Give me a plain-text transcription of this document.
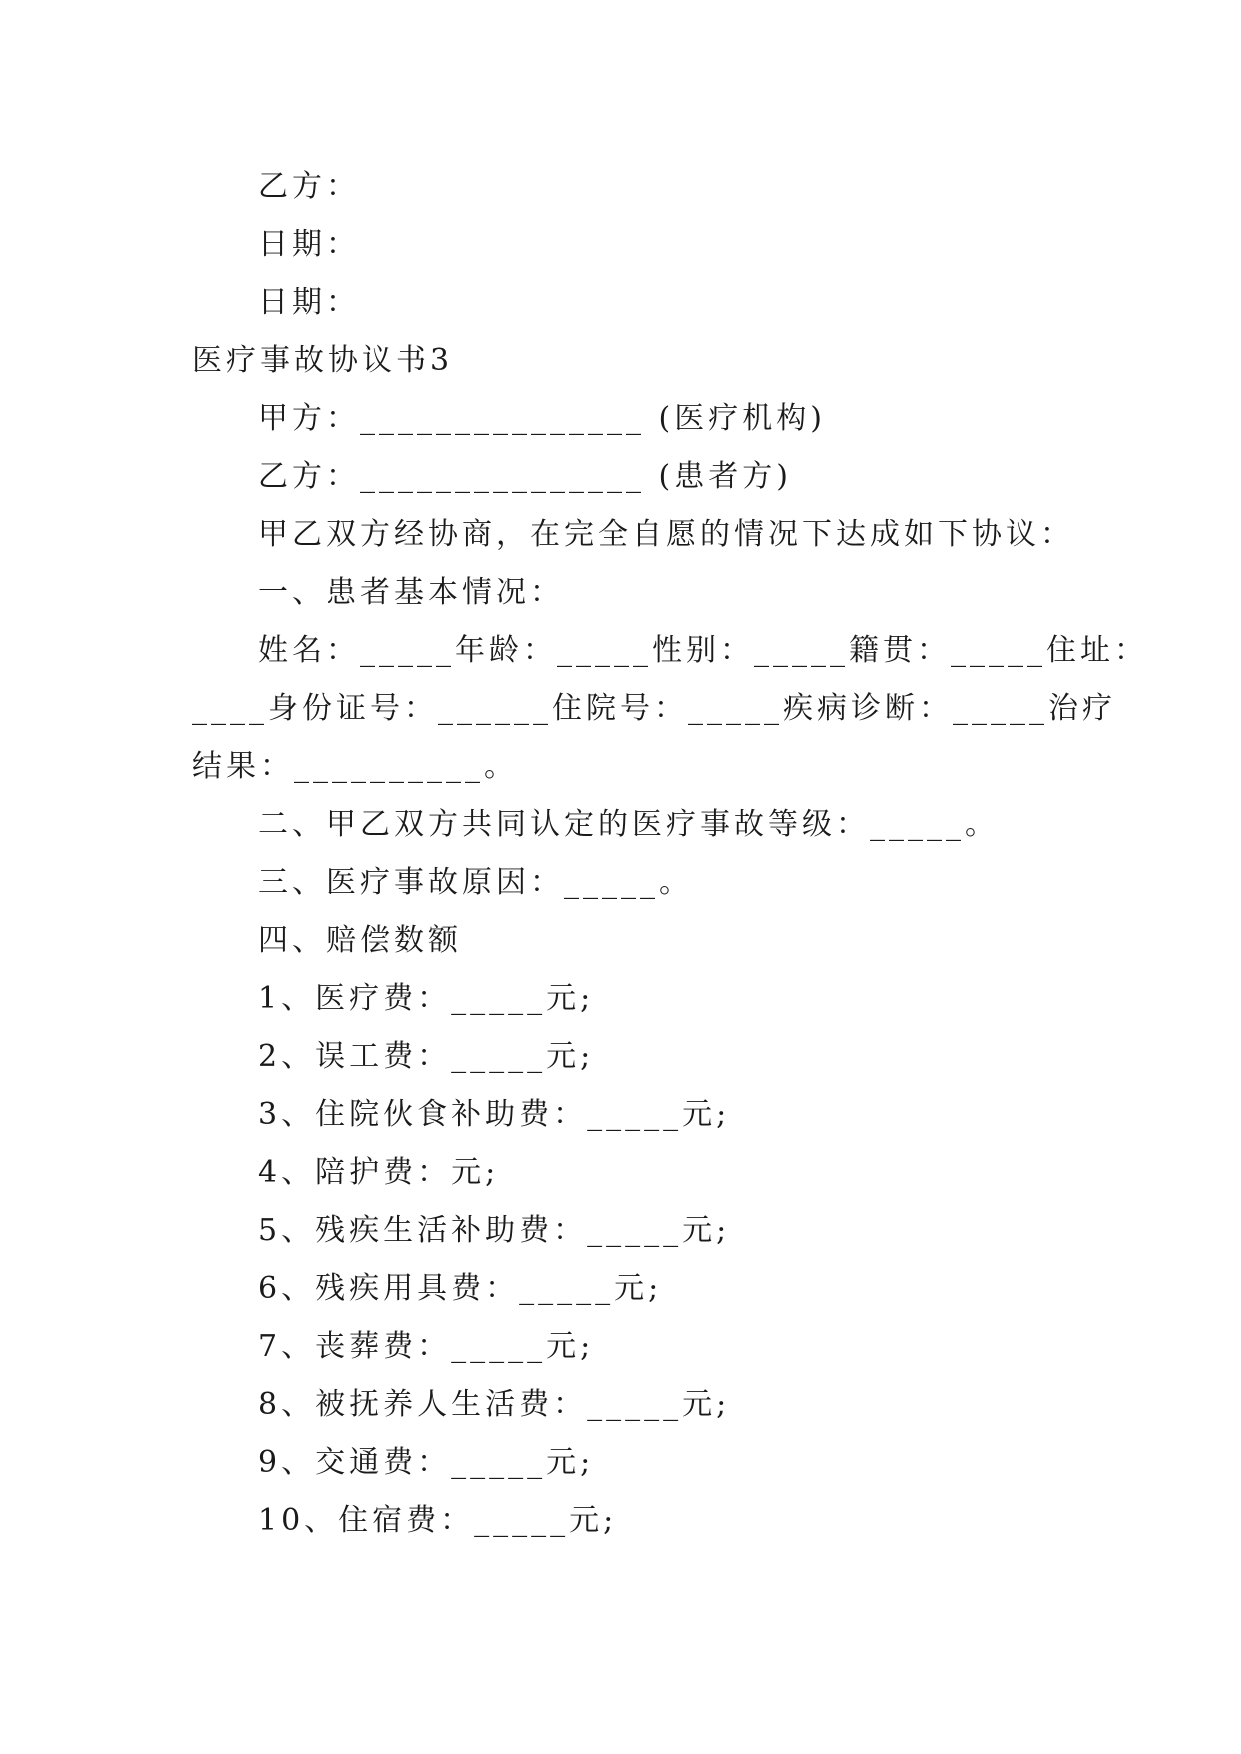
乙方：
日期：
日期：
医疗事故协议书3
甲方：_______________ (医疗机构)
乙方：_______________ (患者方)
甲乙双方经协商，在完全自愿的情况下达成如下协议：
一、患者基本情况：
姓名：_____年龄：_____性别：_____籍贯：_____住址：
____身份证号：______住院号：_____疾病诊断：_____治疗
结果：__________。
二、甲乙双方共同认定的医疗事故等级：_____。
三、医疗事故原因：_____。
四、赔偿数额
1、医疗费：_____元;
2、误工费：_____元;
3、住院伙食补助费：_____元;
4、陪护费：元;
5、残疾生活补助费：_____元;
6、残疾用具费：_____元;
7、丧葬费：_____元;
8、被抚养人生活费：_____元;
9、交通费：_____元;
10、住宿费：_____元;
